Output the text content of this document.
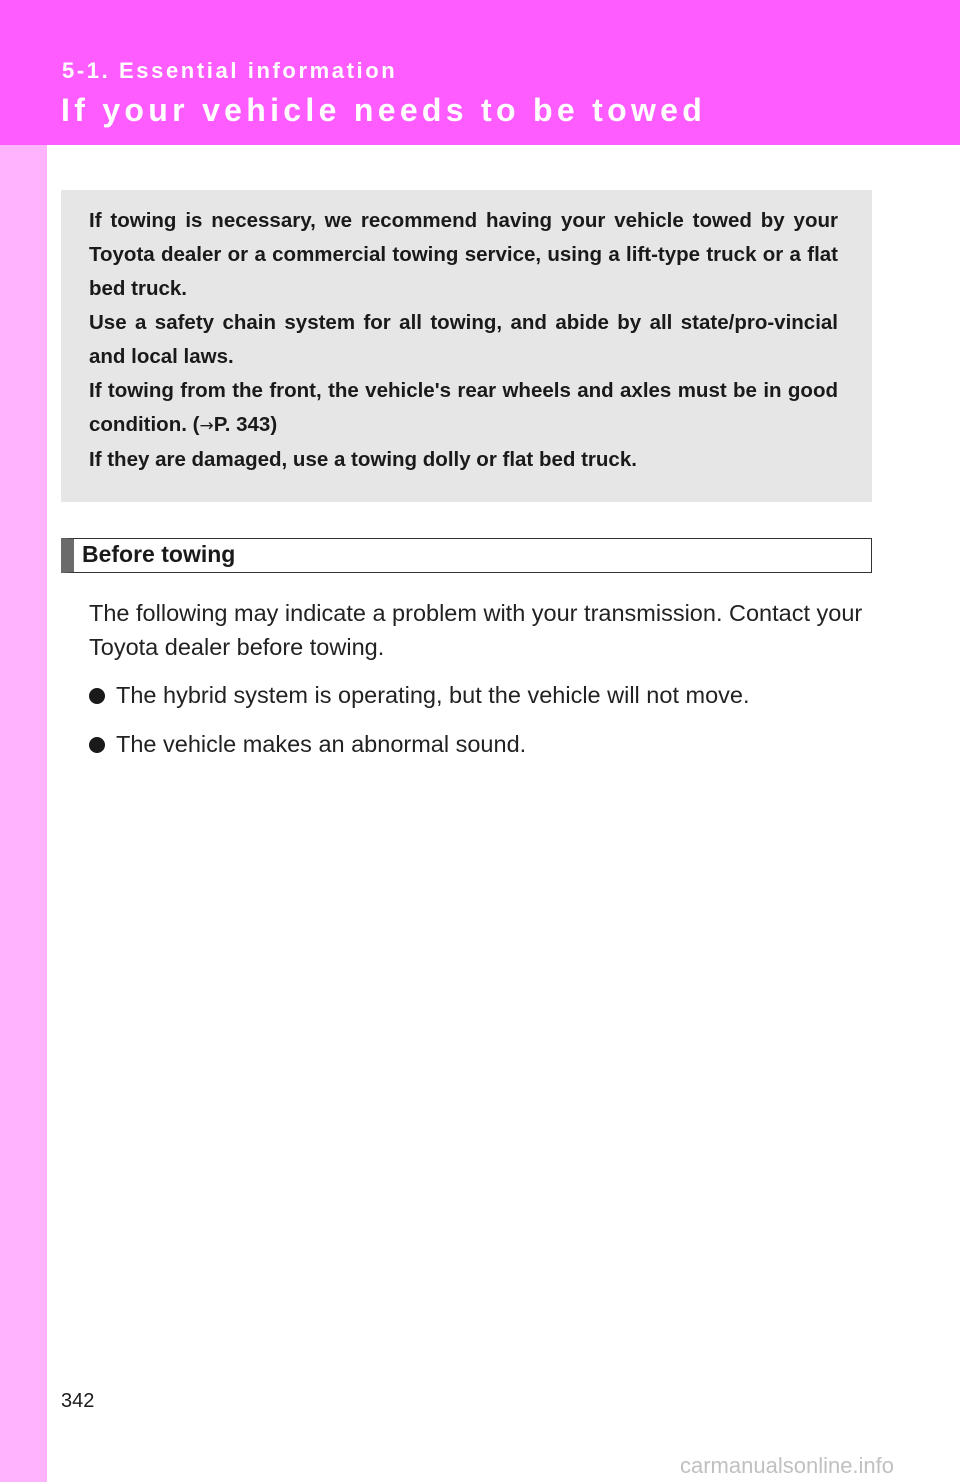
5-1. Essential information
If your vehicle needs to be towed

If towing is necessary, we recommend having your vehicle towed by your Toyota dealer or a commercial towing service, using a lift-type truck or a flat bed truck.

Use a safety chain system for all towing, and abide by all state/pro-vincial and local laws.

If towing from the front, the vehicle's rear wheels and axles must be in good condition. (→P. 343)

If they are damaged, use a towing dolly or flat bed truck.

Before towing

The following may indicate a problem with your transmission. Contact your Toyota dealer before towing.

The hybrid system is operating, but the vehicle will not move.
The vehicle makes an abnormal sound.
342
carmanualsonline.info
